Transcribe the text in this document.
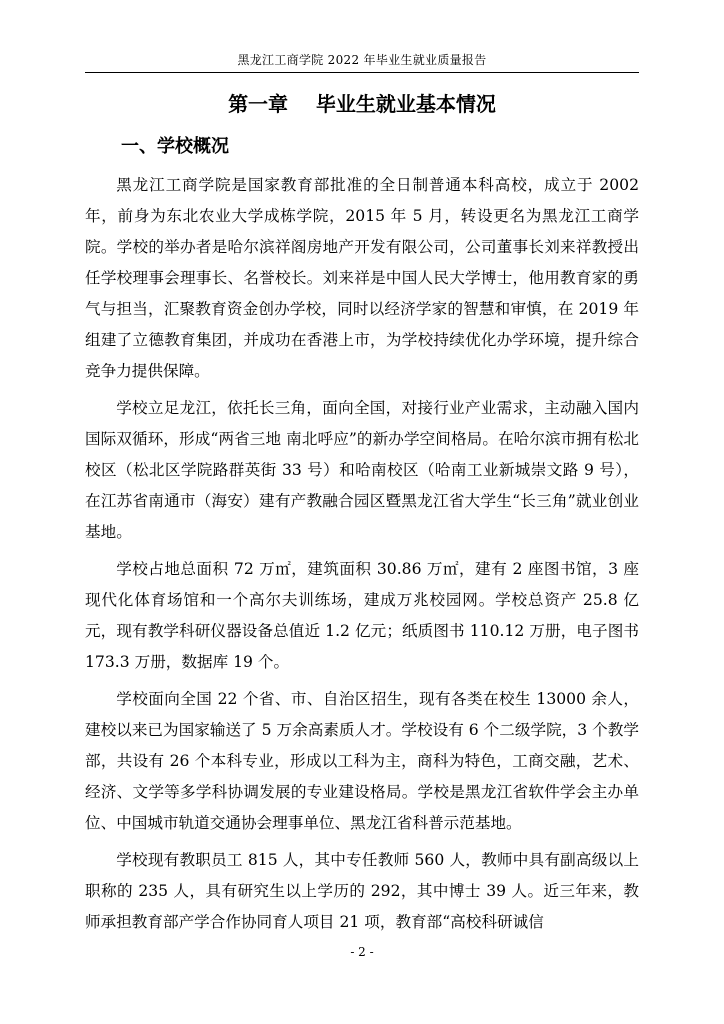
黑龙江工商学院 2022 年毕业生就业质量报告
第一章    毕业生就业基本情况
一、学校概况

黑龙江工商学院是国家教育部批准的全日制普通本科高校，成立于 2002 年，前身为东北农业大学成栋学院，2015 年 5 月，转设更名为黑龙江工商学院。学校的举办者是哈尔滨祥阁房地产开发有限公司，公司董事长刘来祥教授出任学校理事会理事长、名誉校长。刘来祥是中国人民大学博士，他用教育家的勇气与担当，汇聚教育资金创办学校，同时以经济学家的智慧和审慎，在 2019 年组建了立德教育集团，并成功在香港上市，为学校持续优化办学环境，提升综合竞争力提供保障。

学校立足龙江，依托长三角，面向全国，对接行业产业需求，主动融入国内国际双循环，形成“两省三地 南北呼应”的新办学空间格局。在哈尔滨市拥有松北校区（松北区学院路群英街 33 号）和哈南校区（哈南工业新城崇文路 9 号），在江苏省南通市（海安）建有产教融合园区暨黑龙江省大学生“长三角”就业创业基地。

学校占地总面积 72 万㎡，建筑面积 30.86 万㎡，建有 2 座图书馆，3 座现代化体育场馆和一个高尔夫训练场，建成万兆校园网。学校总资产 25.8 亿元，现有教学科研仪器设备总值近 1.2 亿元；纸质图书 110.12 万册，电子图书 173.3 万册，数据库 19 个。

学校面向全国 22 个省、市、自治区招生，现有各类在校生 13000 余人，建校以来已为国家输送了 5 万余高素质人才。学校设有 6 个二级学院，3 个教学部，共设有 26 个本科专业，形成以工科为主，商科为特色，工商交融，艺术、经济、文学等多学科协调发展的专业建设格局。学校是黑龙江省软件学会主办单位、中国城市轨道交通协会理事单位、黑龙江省科普示范基地。

学校现有教职员工 815 人，其中专任教师 560 人，教师中具有副高级以上职称的 235 人，具有研究生以上学历的 292，其中博士 39 人。近三年来，教师承担教育部产学合作协同育人项目 21 项，教育部“高校科研诚信

- 2 -
